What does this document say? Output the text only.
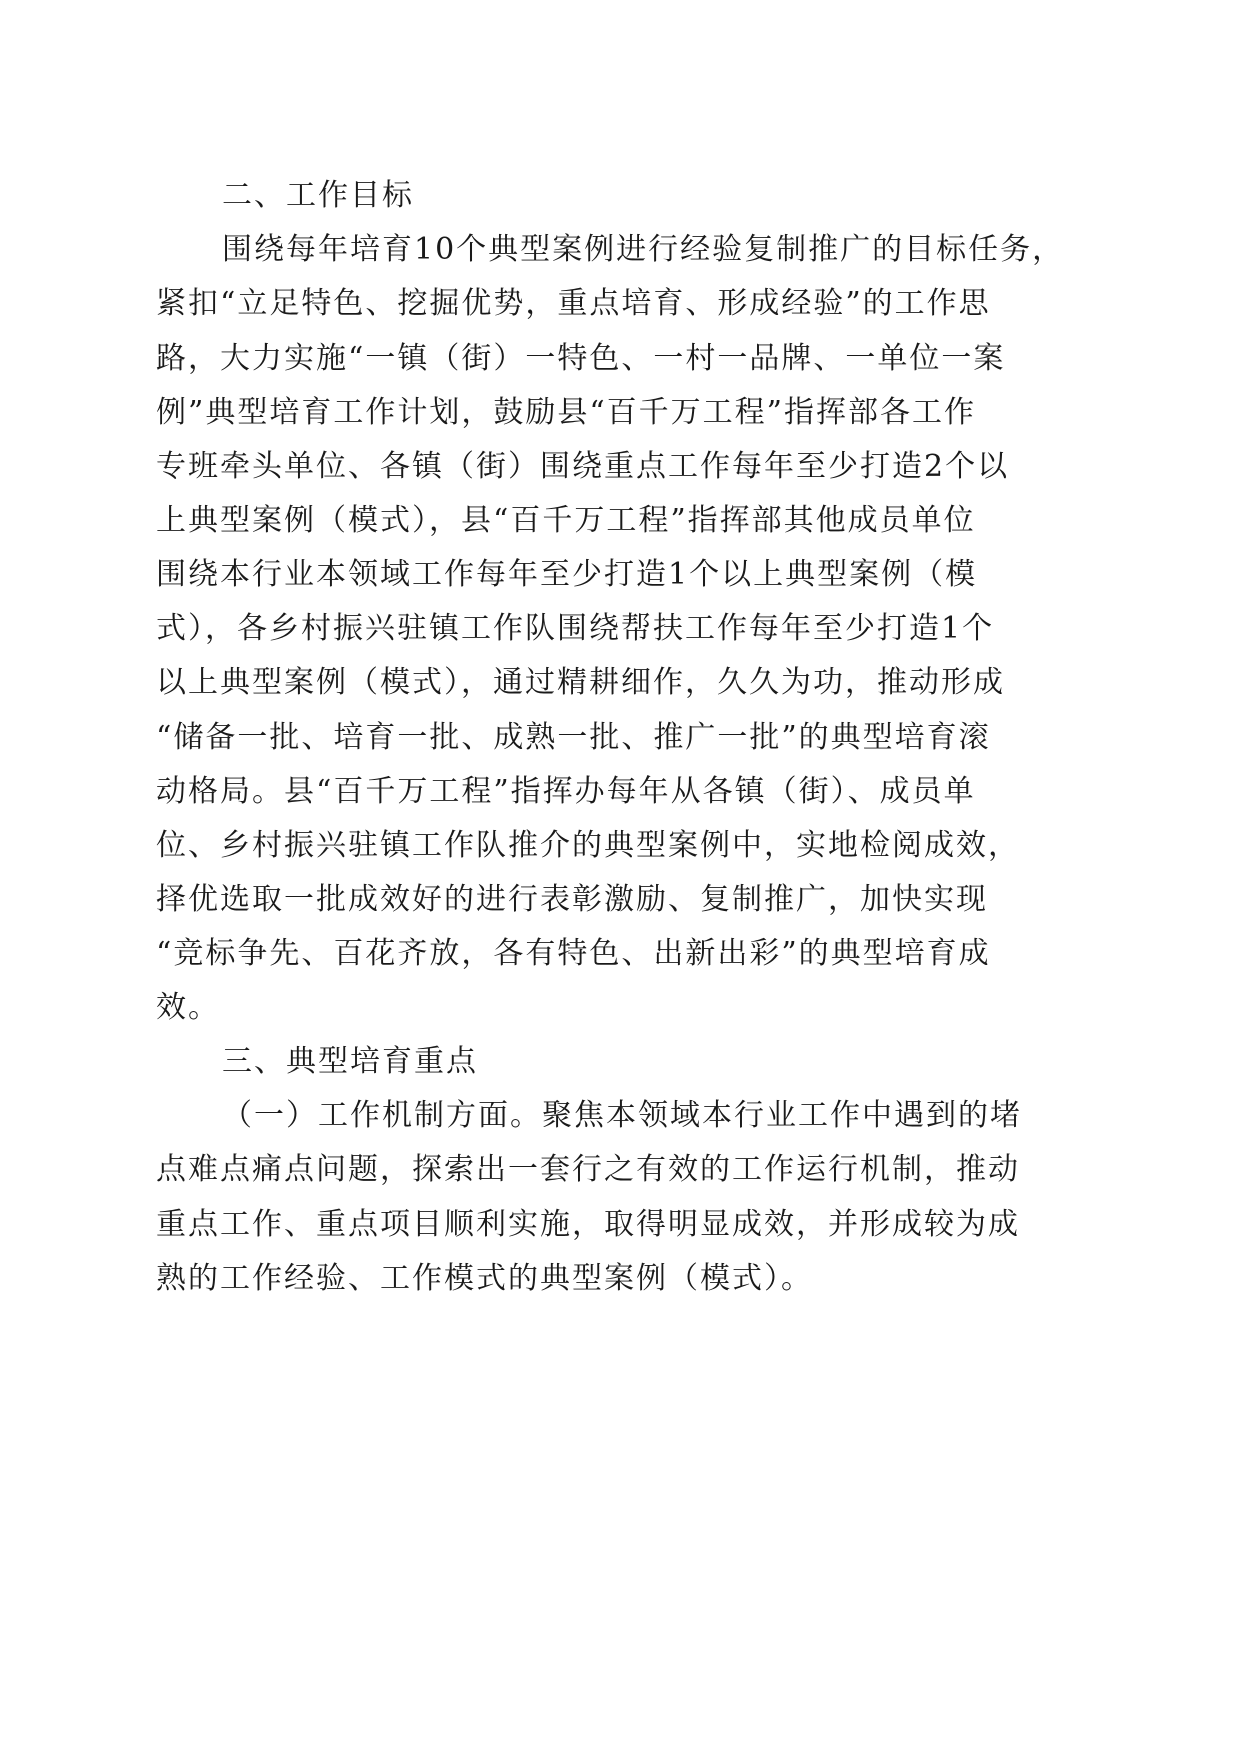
二、工作目标
围绕每年培育10个典型案例进行经验复制推广的目标任务，
紧扣“立足特色、挖掘优势，重点培育、形成经验”的工作思
路，大力实施“一镇（街）一特色、一村一品牌、一单位一案
例”典型培育工作计划，鼓励县“百千万工程”指挥部各工作
专班牵头单位、各镇（街）围绕重点工作每年至少打造2个以
上典型案例（模式），县“百千万工程”指挥部其他成员单位
围绕本行业本领域工作每年至少打造1个以上典型案例（模
式），各乡村振兴驻镇工作队围绕帮扶工作每年至少打造1个
以上典型案例（模式），通过精耕细作，久久为功，推动形成
“储备一批、培育一批、成熟一批、推广一批”的典型培育滚
动格局。县“百千万工程”指挥办每年从各镇（街）、成员单
位、乡村振兴驻镇工作队推介的典型案例中，实地检阅成效，
择优选取一批成效好的进行表彰激励、复制推广，加快实现
“竞标争先、百花齐放，各有特色、出新出彩”的典型培育成
效。
三、典型培育重点
（一）工作机制方面。聚焦本领域本行业工作中遇到的堵
点难点痛点问题，探索出一套行之有效的工作运行机制，推动
重点工作、重点项目顺利实施，取得明显成效，并形成较为成
熟的工作经验、工作模式的典型案例（模式）。
